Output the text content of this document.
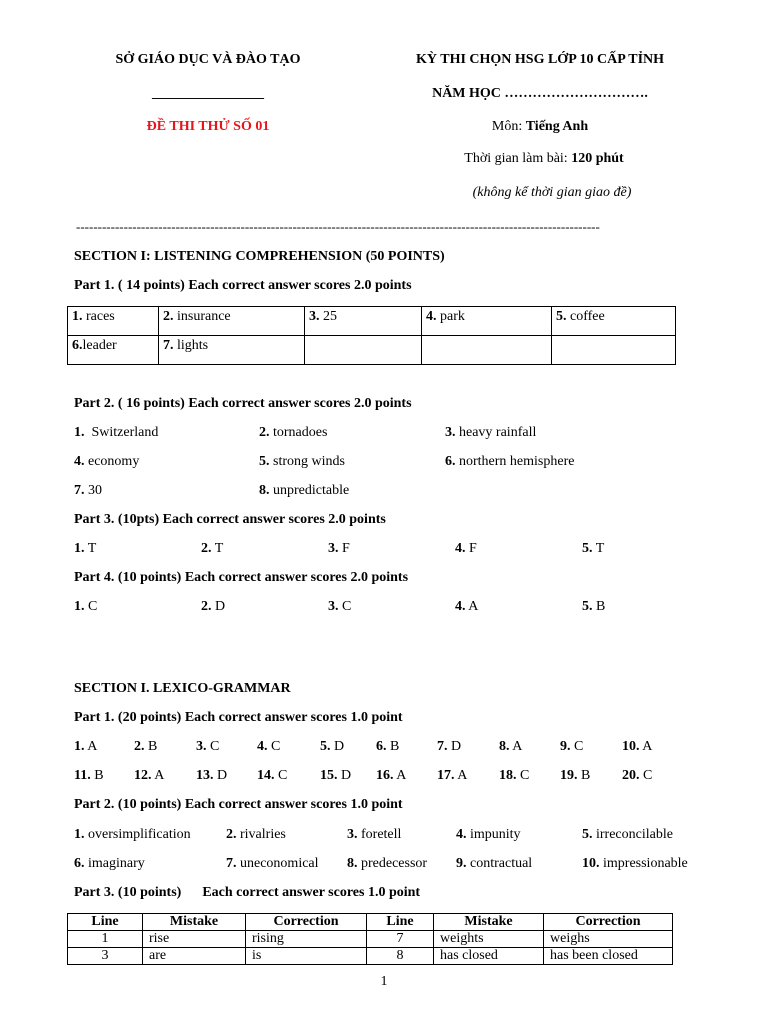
SỞ GIÁO DỤC VÀ ĐÀO TẠO
________________
ĐỀ THI THỬ SỐ 01
KỲ THI CHỌN HSG LỚP 10 CẤP TỈNH
NĂM HỌC ………………………….
Môn: Tiếng Anh
Thời gian làm bài: 120 phút
(không kể thời gian giao đề)
-------------------------------------------------------------------------------------------------------------------------
SECTION I: LISTENING COMPREHENSION (50 POINTS)
Part 1. ( 14 points) Each correct answer scores 2.0 points
1. races	2. insurance	3. 25	4. park	5. coffee
6.leader	7. lights			
Part 2. ( 16 points) Each correct answer scores 2.0 points
1.  Switzerland	2. tornadoes	3. heavy rainfall
4. economy	5. strong winds	6. northern hemisphere
7. 30	8. unpredictable
Part 3. (10pts) Each correct answer scores 2.0 points
1. T	2. T	3. F	4. F	5. T
Part 4. (10 points) Each correct answer scores 2.0 points
1. C	2. D	3. C	4. A	5. B
SECTION I. LEXICO-GRAMMAR
Part 1. (20 points) Each correct answer scores 1.0 point
1. A	2. B	3. C	4. C	5. D 6. B	7. D	8. A	9. C	10. A
11. B 12. A 13. D 14. C 15. D 16. A 17. A 18. C 19. B 20. C
Part 2. (10 points) Each correct answer scores 1.0 point
1. oversimplification	2. rivalries	3. foretell	4. impunity	5. irreconcilable
6. imaginary	7. uneconomical 8. predecessor 9. contractual	10. impressionable
Part 3. (10 points)      Each correct answer scores 1.0 point
Line	Mistake	Correction	Line	Mistake	Correction
1	rise	rising	7	weights	weighs
3	are	is	8	has closed	has been closed
1
